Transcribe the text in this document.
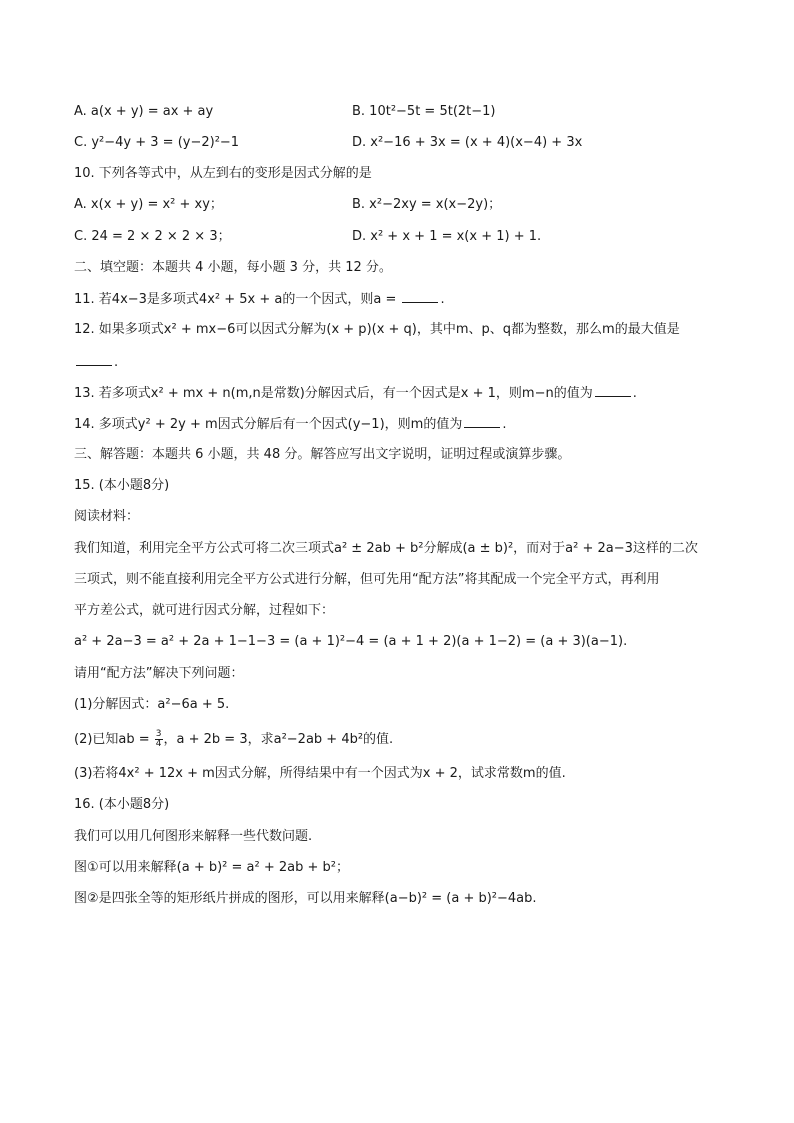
A. a(x + y) = ax + ay	B. 10t²−5t = 5t(2t−1)
C. y²−4y + 3 = (y−2)²−1	D. x²−16 + 3x = (x + 4)(x−4) + 3x
10. 下列各等式中，从左到右的变形是因式分解的是
A. x(x + y) = x² + xy；	B. x²−2xy = x(x−2y)；
C. 24 = 2 × 2 × 2 × 3；	D. x² + x + 1 = x(x + 1) + 1.
二、填空题：本题共 4 小题，每小题 3 分，共 12 分。
11. 若4x−3是多项式4x² + 5x + a的一个因式，则a =	.
12. 如果多项式x² + mx−6可以因式分解为(x + p)(x + q)，其中m、p、q都为整数，那么m的最大值是
.
13. 若多项式x² + mx + n(m,n是常数)分解因式后，有一个因式是x + 1，则m−n的值为	.
14. 多项式y² + 2y + m因式分解后有一个因式(y−1)，则m的值为	.
三、解答题：本题共 6 小题，共 48 分。解答应写出文字说明，证明过程或演算步骤。
15. (本小题8分)
阅读材料：
我们知道，利用完全平方公式可将二次三项式a² ± 2ab + b²分解成(a ± b)²，而对于a² + 2a−3这样的二次
三项式，则不能直接利用完全平方公式进行分解，但可先用“配方法”将其配成一个完全平方式，再利用
平方差公式，就可进行因式分解，过程如下：
a² + 2a−3 = a² + 2a + 1−1−3 = (a + 1)²−4 = (a + 1 + 2)(a + 1−2) = (a + 3)(a−1).
请用“配方法”解决下列问题：
(1)分解因式：a²−6a + 5.
(2)已知ab = $\frac{3}{4}$ ，a + 2b = 3，求a²−2ab + 4b²的值.
(3)若将4x² + 12x + m因式分解，所得结果中有一个因式为x + 2，试求常数m的值.
16. (本小题8分)
我们可以用几何图形来解释一些代数问题.
图①可以用来解释(a + b)² = a² + 2ab + b²；
图②是四张全等的矩形纸片拼成的图形，可以用来解释(a−b)² = (a + b)²−4ab.
